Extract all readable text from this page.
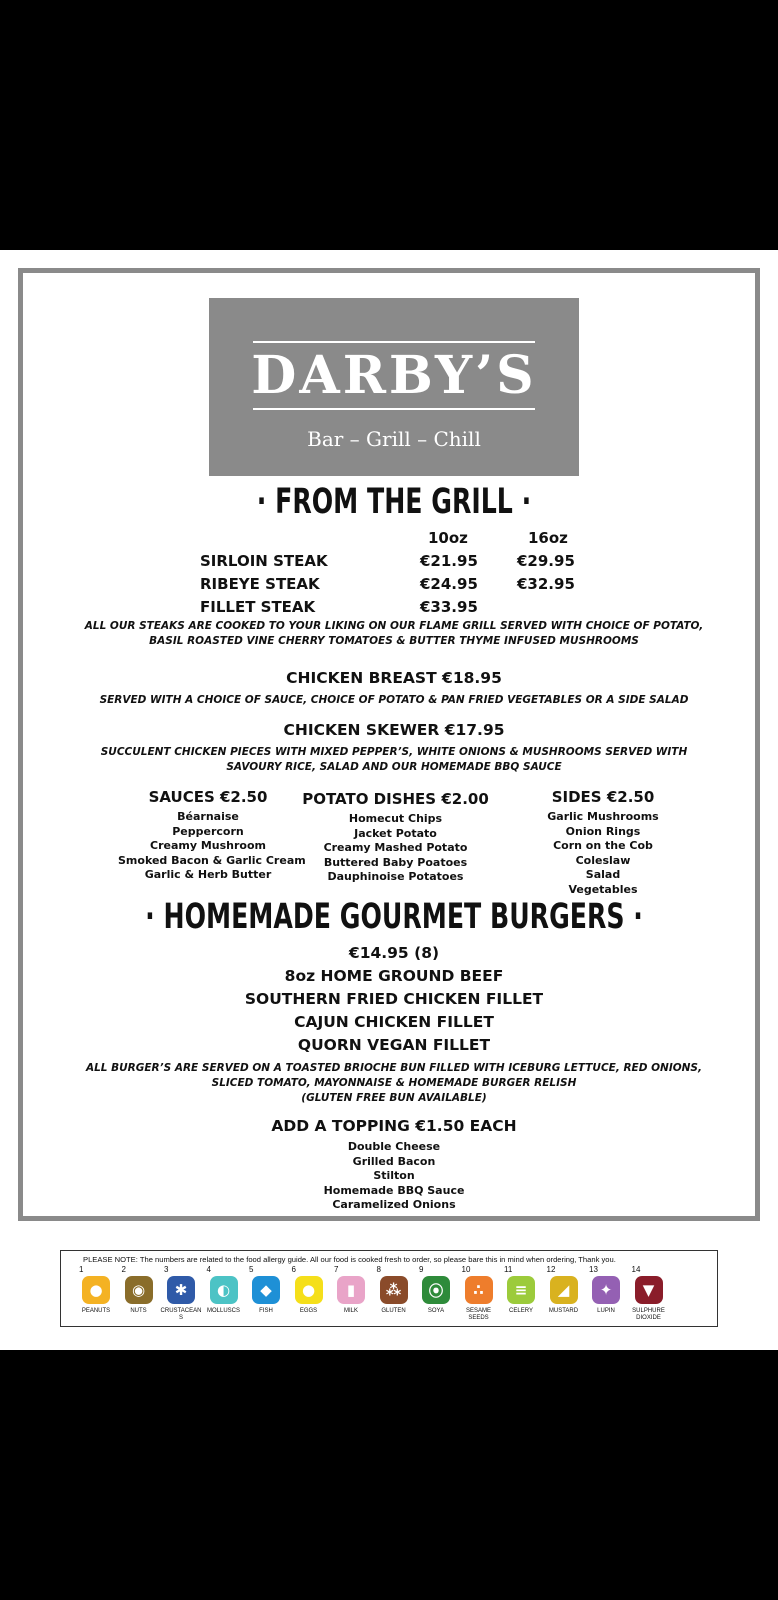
DARBY’S
Bar – Grill – Chill
· FROM THE GRILL ·
10oz	16oz
SIRLOIN STEAK	€21.95	€29.95
RIBEYE STEAK	€24.95	€32.95
FILLET STEAK	€33.95
ALL OUR STEAKS ARE COOKED TO YOUR LIKING ON OUR FLAME GRILL SERVED WITH CHOICE OF POTATO,
BASIL ROASTED VINE CHERRY TOMATOES & BUTTER THYME INFUSED MUSHROOMS
CHICKEN BREAST €18.95
SERVED WITH A CHOICE OF SAUCE, CHOICE OF POTATO & PAN FRIED VEGETABLES OR A SIDE SALAD
CHICKEN SKEWER €17.95
SUCCULENT CHICKEN PIECES WITH MIXED PEPPER’S, WHITE ONIONS & MUSHROOMS SERVED WITH
SAVOURY RICE, SALAD AND OUR HOMEMADE BBQ SAUCE
SAUCES €2.50
Béarnaise
Peppercorn
Creamy Mushroom
Smoked Bacon & Garlic Cream
Garlic & Herb Butter
POTATO DISHES €2.00
Homecut Chips
Jacket Potato
Creamy Mashed Potato
Buttered Baby Poatoes
Dauphinoise Potatoes
SIDES €2.50
Garlic Mushrooms
Onion Rings
Corn on the Cob
Coleslaw
Salad
Vegetables
· HOMEMADE GOURMET BURGERS ·
€14.95 (8)
8oz HOME GROUND BEEF
SOUTHERN FRIED CHICKEN FILLET
CAJUN CHICKEN FILLET
QUORN VEGAN FILLET
ALL BURGER’S ARE SERVED ON A TOASTED BRIOCHE BUN FILLED WITH ICEBURG LETTUCE, RED ONIONS,
SLICED TOMATO, MAYONNAISE & HOMEMADE BURGER RELISH
(GLUTEN FREE BUN AVAILABLE)
ADD A TOPPING €1.50 EACH
Double Cheese
Grilled Bacon
Stilton
Homemade BBQ Sauce
Caramelized Onions
PLEASE NOTE: The numbers are related to the food allergy guide. All our food is cooked fresh to order, so please bare this in mind when ordering, Thank you.
1
●
PEANUTS
2
◉
NUTS
3
✱
CRUSTACEANS
4
◐
MOLLUSCS
5
◆
FISH
6
●
EGGS
7
▮
MILK
8
⁂
GLUTEN
9
⦿
SOYA
10
∴
SESAME SEEDS
11
≡
CELERY
12
◢
MUSTARD
13
✦
LUPIN
14
▼
SULPHURE DIOXIDE
